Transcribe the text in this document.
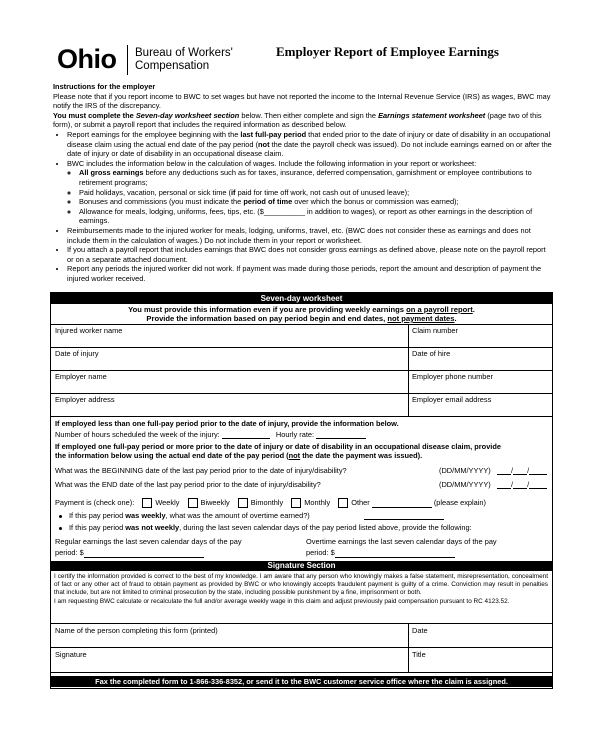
Ohio Bureau of Workers'
Compensation
Employer Report of Employee Earnings

Instructions for the employer

Please note that if you report income to BWC to set wages but have not reported the income to the Internal Revenue Service (IRS) as wages, BWC may notify the IRS of the discrepancy.

You must complete the Seven-day worksheet section below. Then either complete and sign the Earnings statement worksheet (page two of this form), or submit a payroll report that includes the required information as described below.

• Report earnings for the employee beginning with the last full-pay period that ended prior to the date of injury or date of disability in an occupational disease claim using the actual end date of the pay period (not the date the payroll check was issued). Do not include earnings earned on or after the date of injury or date of disability in an occupational disease claim.
• BWC includes the information below in the calculation of wages. Include the following information in your report or worksheet:
◦ All gross earnings before any deductions such as for taxes, insurance, deferred compensation, garnishment or employee contributions to retirement programs;
◦ Paid holidays, vacation, personal or sick time (if paid for time off work, not cash out of unused leave);
◦ Bonuses and commissions (you must indicate the period of time over which the bonus or commission was earned);
◦ Allowance for meals, lodging, uniforms, fees, tips, etc. ($__________ in addition to wages), or report as other earnings in the description of earnings.
• Reimbursements made to the injured worker for meals, lodging, uniforms, travel, etc. (BWC does not consider these as earnings and does not include them in the calculation of wages.) Do not include them in your report or worksheet.
• If you attach a payroll report that includes earnings that BWC does not consider gross earnings as defined above, please note on the payroll report or on a separate attached document.
• Report any periods the injured worker did not work. If payment was made during those periods, report the amount and description of payment the injured worker received.
Seven-day worksheet
You must provide this information even if you are providing weekly earnings on a payroll report.
Provide the information based on pay period begin and end dates, not payment dates.
Injured worker name	Claim number
Date of injury	Date of hire
Employer name	Employer phone number
Employer address	Employer email address
If employed less than one full-pay period prior to the date of injury, provide the information below.
Number of hours scheduled the week of the injury:	Hourly rate:
If employed one full-pay period or more prior to the date of injury or date of disability in an occupational disease claim, provide
the information below using the actual end date of the pay period (not the date the payment was issued).
What was the BEGINNING date of the last pay period prior to the date of injury/disability?	(DD/MM/YYYY)	/ /
What was the END date of the last pay period prior to the date of injury/disability?	(DD/MM/YYYY)	/ /
Payment is (check one):	Weekly	Biweekly	Bimonthly	Monthly	Other	(please explain)
If this pay period was weekly, what was the amount of overtime earned?)
If this pay period was not weekly, during the last seven calendar days of the pay period listed above, provide the following:
Regular earnings the last seven calendar days of the pay
period: $
Overtime earnings the last seven calendar days of the pay
period: $
Signature Section
I certify the information provided is correct to the best of my knowledge. I am aware that any person who knowingly makes a false statement, misrepresentation, concealment of fact or any other act of fraud to obtain payment as provided by BWC or who knowingly accepts fraudulent payment is guilty of a crime. Conviction may result in penalties that include, but are not limited to criminal prosecution by the state, including possible punishment by a fine, imprisonment or both.
I am requesting BWC calculate or recalculate the full and/or average weekly wage in this claim and adjust previously paid compensation pursuant to RC 4123.52.
Name of the person completing this form (printed)	Date
Signature	Title
Fax the completed form to 1-866-336-8352, or send it to the BWC customer service office where the claim is assigned.
